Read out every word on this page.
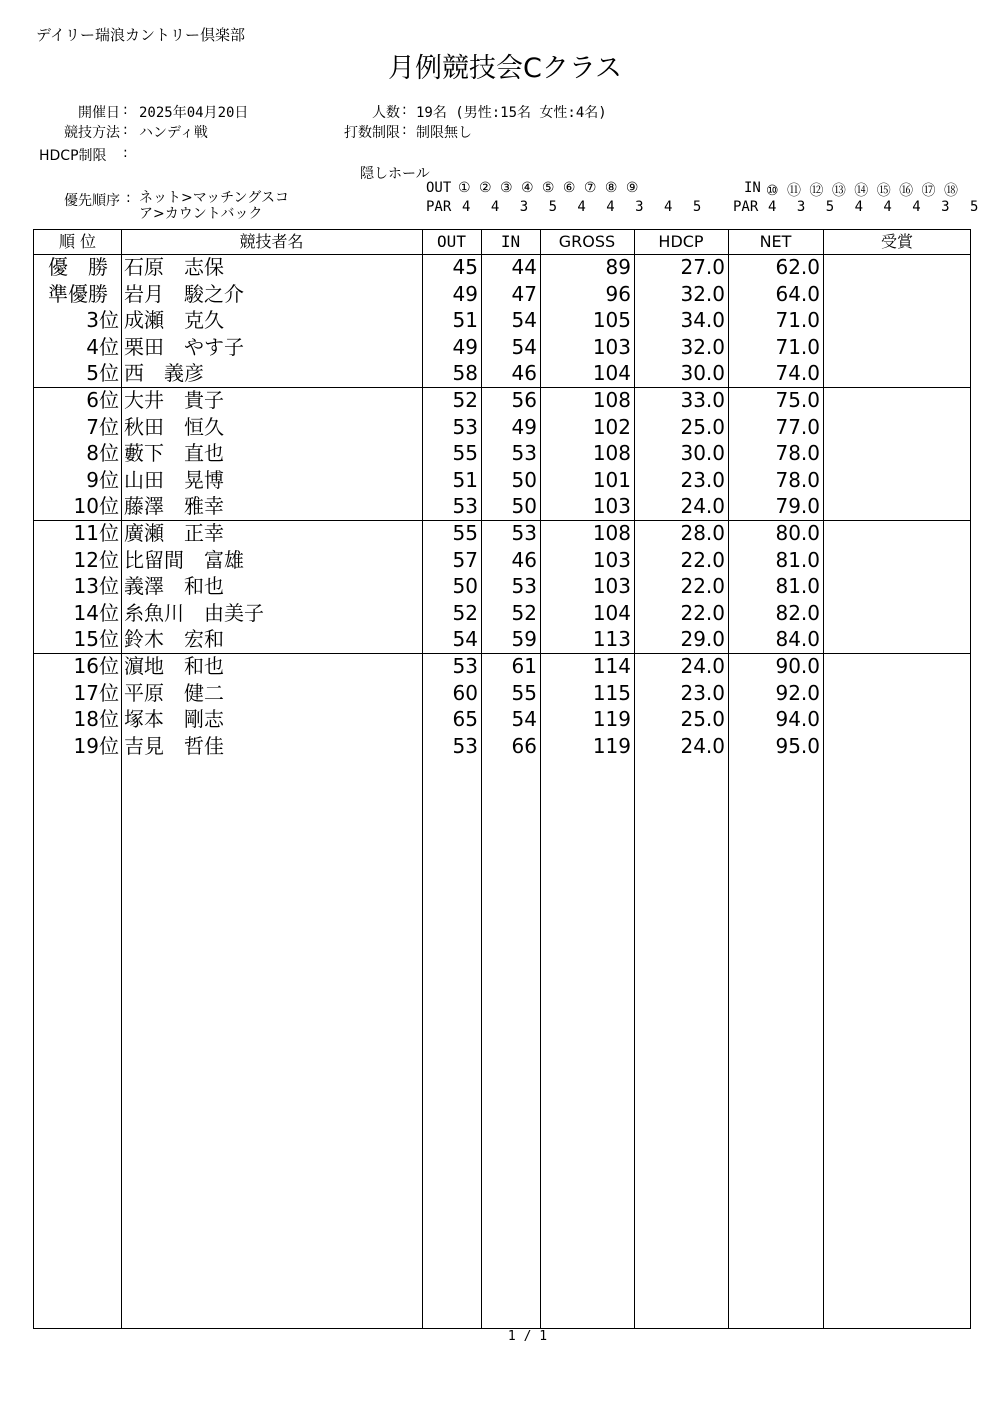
デイリー瑞浪カントリー倶楽部
月例競技会Cクラス
開催日 : 2025年04月20日
競技方法 : ハンディ戦
HDCP制限 :
人数 : 19名 (男性:15名 女性:4名)
打数制限 : 制限無し
優先順序 : ネット>マッチングスコ
ア>カウントバック
隠しホール
OUT ① ② ③ ④ ⑤ ⑥ ⑦ ⑧ ⑨
PAR 4 4 3 5 4 4 3 4 5
IN ⑩ ⑪ ⑫ ⑬ ⑭ ⑮ ⑯ ⑰ ⑱
PAR 4 3 5 4 4 4 3 5
順 位	競技者名	OUT	IN	GROSS	HDCP	NET	受賞
優　勝 石原　志保	45	44	89	27.0	62.0
準優勝 岩月　駿之介	49	47	96	32.0	64.0
3位 成瀬　克久	51	54	105	34.0	71.0
4位 栗田　やす子	49	54	103	32.0	71.0
5位 西　義彦	58	46	104	30.0	74.0
6位 大井　貴子	52	56	108	33.0	75.0
7位 秋田　恒久	53	49	102	25.0	77.0
8位 藪下　直也	55	53	108	30.0	78.0
9位 山田　晃博	51	50	101	23.0	78.0
10位 藤澤　雅幸	53	50	103	24.0	79.0
11位 廣瀬　正幸	55	53	108	28.0	80.0
12位 比留間　富雄	57	46	103	22.0	81.0
13位 義澤　和也	50	53	103	22.0	81.0
14位 糸魚川　由美子	52	52	104	22.0	82.0
15位 鈴木　宏和	54	59	113	29.0	84.0
16位 濵地　和也	53	61	114	24.0	90.0
17位 平原　健二	60	55	115	23.0	92.0
18位 塚本　剛志	65	54	119	25.0	94.0
19位 吉見　哲佳	53	66	119	24.0	95.0
1 / 1
